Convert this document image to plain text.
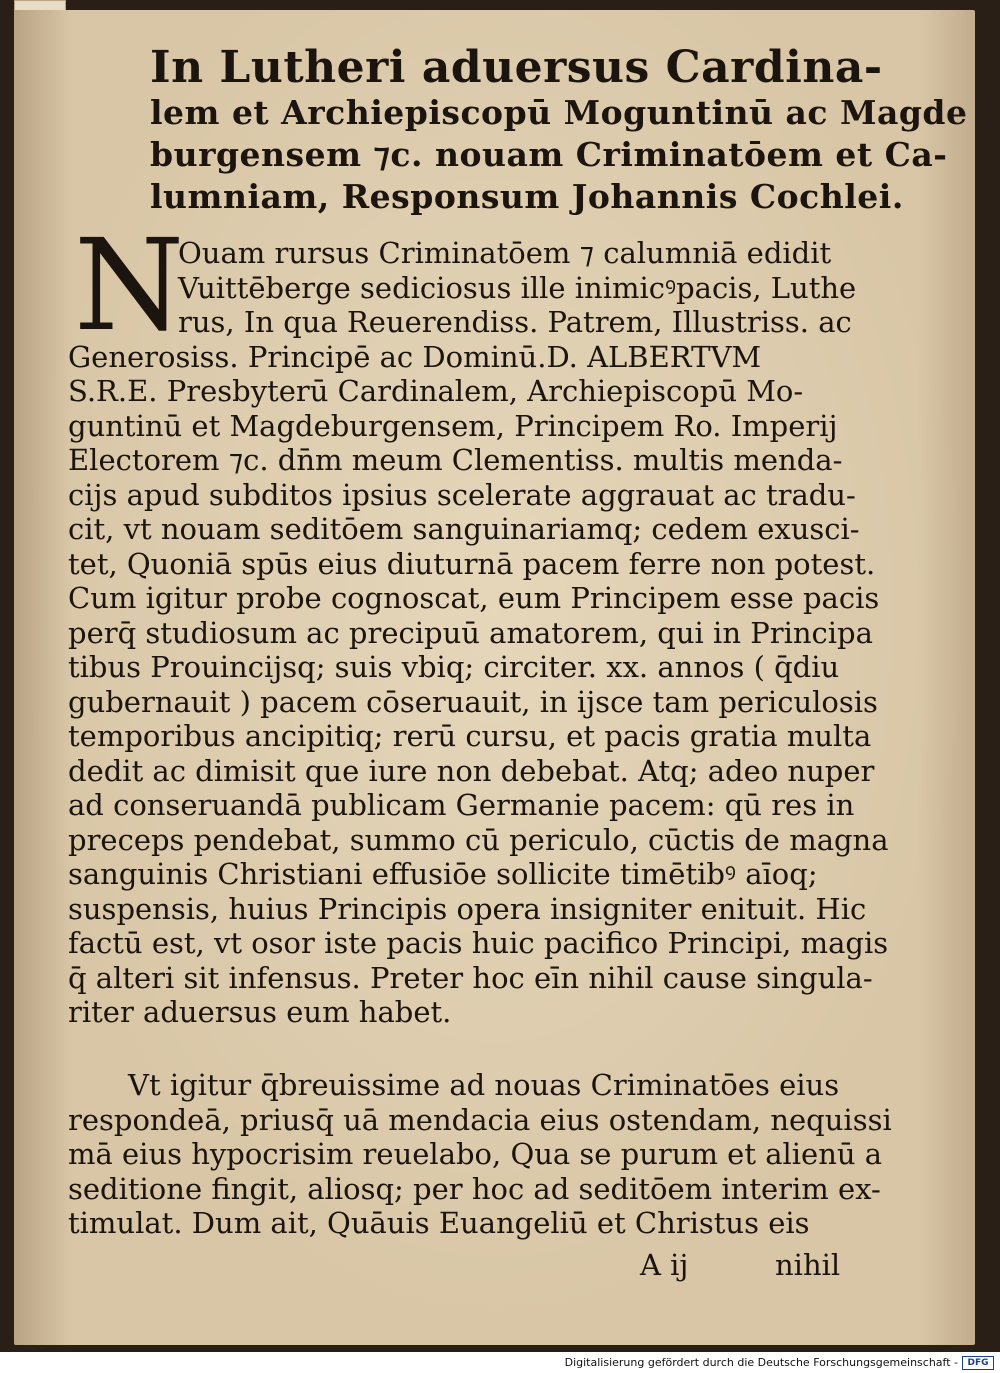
In Lutheri aduersus Cardina-
lem et Archiepiscopū Moguntinū ac Magde
burgensem ⁊c. nouam Criminatōem et Ca-
lumniam, Responsum Johannis Cochlei.
N
Ouam rursus Criminatōem ⁊ calumniā edidit
Vuittēberge sediciosus ille inimicꝰpacis, Luthe
rus, In qua Reuerendiss. Patrem, Illustriss. ac
Generosiss. Principē ac Dominū.D. ALBERTVM
S.R.E. Presbyterū Cardinalem, Archiepiscopū Mo-
guntinū et Magdeburgensem, Principem Ro. Imperij
Electorem ⁊c. dn̄m meum Clementiss. multis menda-
cijs apud subditos ipsius scelerate aggrauat ac tradu-
cit, vt nouam seditōem sanguinariamq; cedem exusci-
tet, Quoniā spūs eius diuturnā pacem ferre non potest.
Cum igitur probe cognoscat, eum Principem esse pacis
perq̄ studiosum ac precipuū amatorem, qui in Principa
tibus Prouincijsq; suis vbiq; circiter. xx. annos ( q̄diu
gubernauit ) pacem cōseruauit, in ijsce tam periculosis
temporibus ancipitiq; rerū cursu, et pacis gratia multa
dedit ac dimisit que iure non debebat. Atq; adeo nuper
ad conseruandā publicam Germanie pacem: qū res in
preceps pendebat, summo cū periculo, cūctis de magna
sanguinis Christiani effusiōe sollicite timētibꝰ aīoq;
suspensis, huius Principis opera insigniter enituit. Hic
factū est, vt osor iste pacis huic pacifico Principi, magis
q̄ alteri sit infensus. Preter hoc eīn nihil cause singula-
riter aduersus eum habet.
Vt igitur q̄breuissime ad nouas Criminatōes eius
respondeā, priusq̄ uā mendacia eius ostendam, nequissi
mā eius hypocrisim reuelabo, Qua se purum et alienū a
seditione fingit, aliosq; per hoc ad seditōem interim ex-
timulat. Dum ait, Quāuis Euangeliū et Christus eis
A ij	nihil
Digitalisierung gefördert durch die Deutsche Forschungsgemeinschaft -	DFG
